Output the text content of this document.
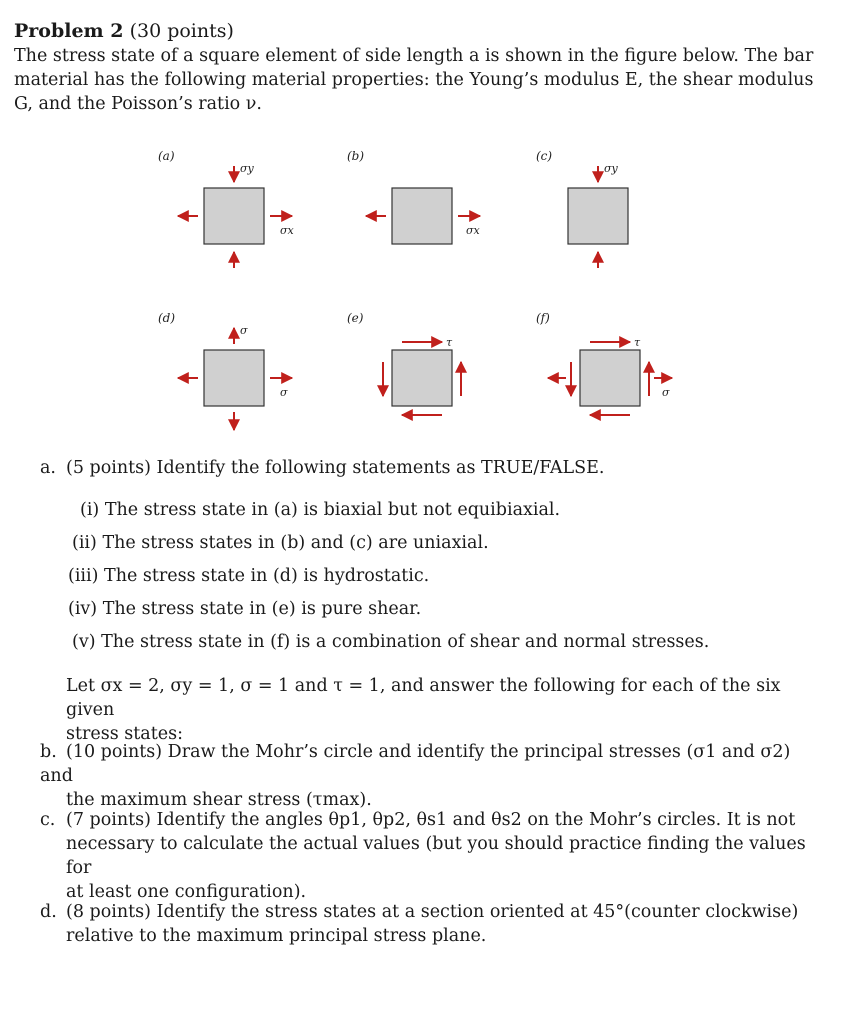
Problem 2 (30 points)
The stress state of a square element of side length a is shown in the figure below. The bar
material has the following material properties: the Young’s modulus E, the shear modulus
G, and the Poisson’s ratio ν.
(a)	(b)	(c)
(d)	(e)	(f)
σy
σx	σx
σy
σ
σ
τ	τ
σ
a. (5 points) Identify the following statements as TRUE/FALSE.
(i) The stress state in (a) is biaxial but not equibiaxial.
(ii) The stress states in (b) and (c) are uniaxial.
(iii) The stress state in (d) is hydrostatic.
(iv) The stress state in (e) is pure shear.
(v) The stress state in (f) is a combination of shear and normal stresses.
Let σx = 2, σy = 1, σ = 1 and τ = 1, and answer the following for each of the six given
stress states:
b. (10 points) Draw the Mohr’s circle and identify the principal stresses (σ1 and σ2) and
the maximum shear stress (τmax).
c. (7 points) Identify the angles θp1, θp2, θs1 and θs2 on the Mohr’s circles. It is not
necessary to calculate the actual values (but you should practice finding the values for
at least one configuration).
d. (8 points) Identify the stress states at a section oriented at 45°(counter clockwise)
relative to the maximum principal stress plane.
